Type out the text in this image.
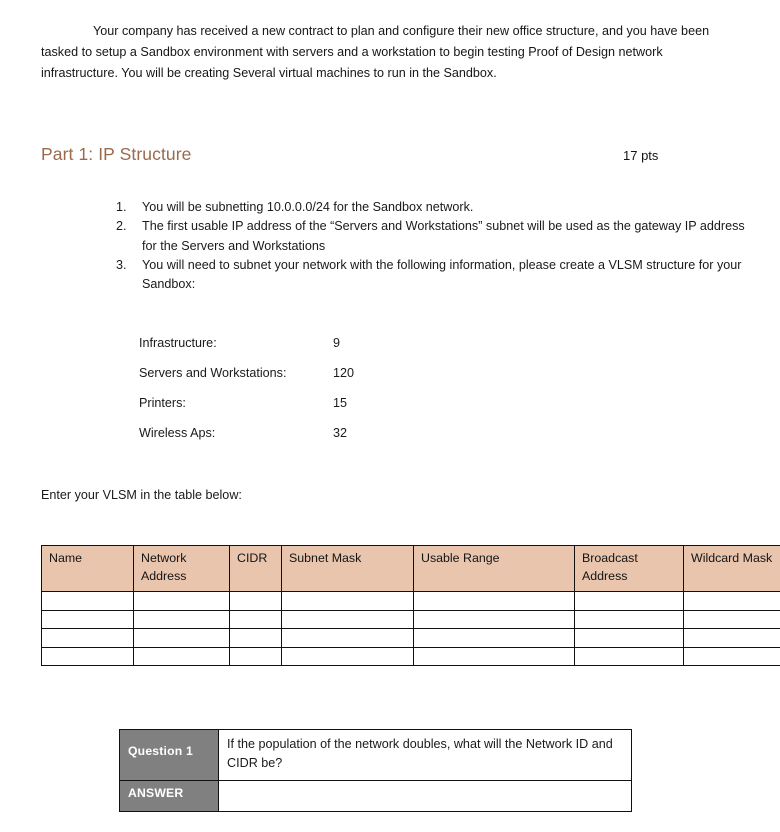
Your company has received a new contract to plan and configure their new office structure, and you have been tasked to setup a Sandbox environment with servers and a workstation to begin testing Proof of Design network infrastructure. You will be creating Several virtual machines to run in the Sandbox.

Part 1: IP Structure	17 pts
1.	You will be subnetting 10.0.0.0/24 for the Sandbox network.
2.	The first usable IP address of the “Servers and Workstations” subnet will be used as the gateway IP address for the Servers and Workstations
3.	You will need to subnet your network with the following information, please create a VLSM structure for your Sandbox:
Infrastructure:	9
Servers and Workstations:	120
Printers:	15
Wireless Aps:	32
Enter your VLSM in the table below:
Name	Network Address	CIDR	Subnet Mask	Usable Range	Broadcast Address	Wildcard Mask

Question 1	If the population of the network doubles, what will the Network ID and CIDR be?
ANSWER	
